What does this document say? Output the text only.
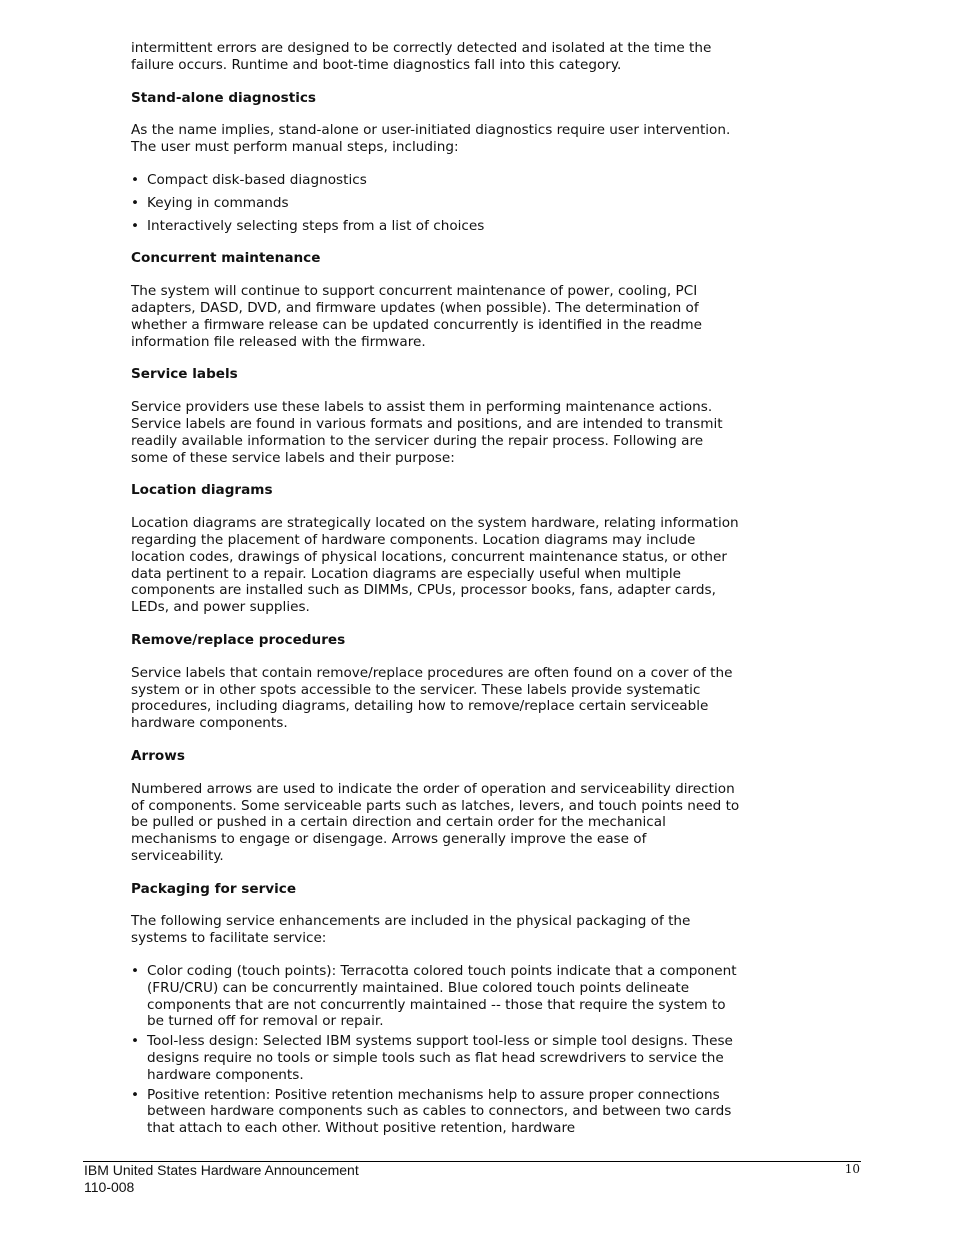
intermittent errors are designed to be correctly detected and isolated at the time the failure occurs. Runtime and boot-time diagnostics fall into this category.

Stand-alone diagnostics

As the name implies, stand-alone or user-initiated diagnostics require user intervention. The user must perform manual steps, including:

• Compact disk-based diagnostics
• Keying in commands
• Interactively selecting steps from a list of choices
Concurrent maintenance

The system will continue to support concurrent maintenance of power, cooling, PCI adapters, DASD, DVD, and firmware updates (when possible). The determination of whether a firmware release can be updated concurrently is identified in the readme information file released with the firmware.

Service labels

Service providers use these labels to assist them in performing maintenance actions. Service labels are found in various formats and positions, and are intended to transmit readily available information to the servicer during the repair process. Following are some of these service labels and their purpose:

Location diagrams

Location diagrams are strategically located on the system hardware, relating information regarding the placement of hardware components. Location diagrams may include location codes, drawings of physical locations, concurrent maintenance status, or other data pertinent to a repair. Location diagrams are especially useful when multiple components are installed such as DIMMs, CPUs, processor books, fans, adapter cards, LEDs, and power supplies.

Remove/replace procedures

Service labels that contain remove/replace procedures are often found on a cover of the system or in other spots accessible to the servicer. These labels provide systematic procedures, including diagrams, detailing how to remove/replace certain serviceable hardware components.

Arrows

Numbered arrows are used to indicate the order of operation and serviceability direction of components. Some serviceable parts such as latches, levers, and touch points need to be pulled or pushed in a certain direction and certain order for the mechanical mechanisms to engage or disengage. Arrows generally improve the ease of serviceability.

Packaging for service

The following service enhancements are included in the physical packaging of the systems to facilitate service:

• Color coding (touch points): Terracotta colored touch points indicate that a component (FRU/CRU) can be concurrently maintained. Blue colored touch points delineate components that are not concurrently maintained -- those that require the system to be turned off for removal or repair.
• Tool-less design: Selected IBM systems support tool-less or simple tool designs. These designs require no tools or simple tools such as flat head screwdrivers to service the hardware components.
• Positive retention: Positive retention mechanisms help to assure proper connections between hardware components such as cables to connectors, and between two cards that attach to each other. Without positive retention, hardware
IBM United States Hardware Announcement
110-008
10
